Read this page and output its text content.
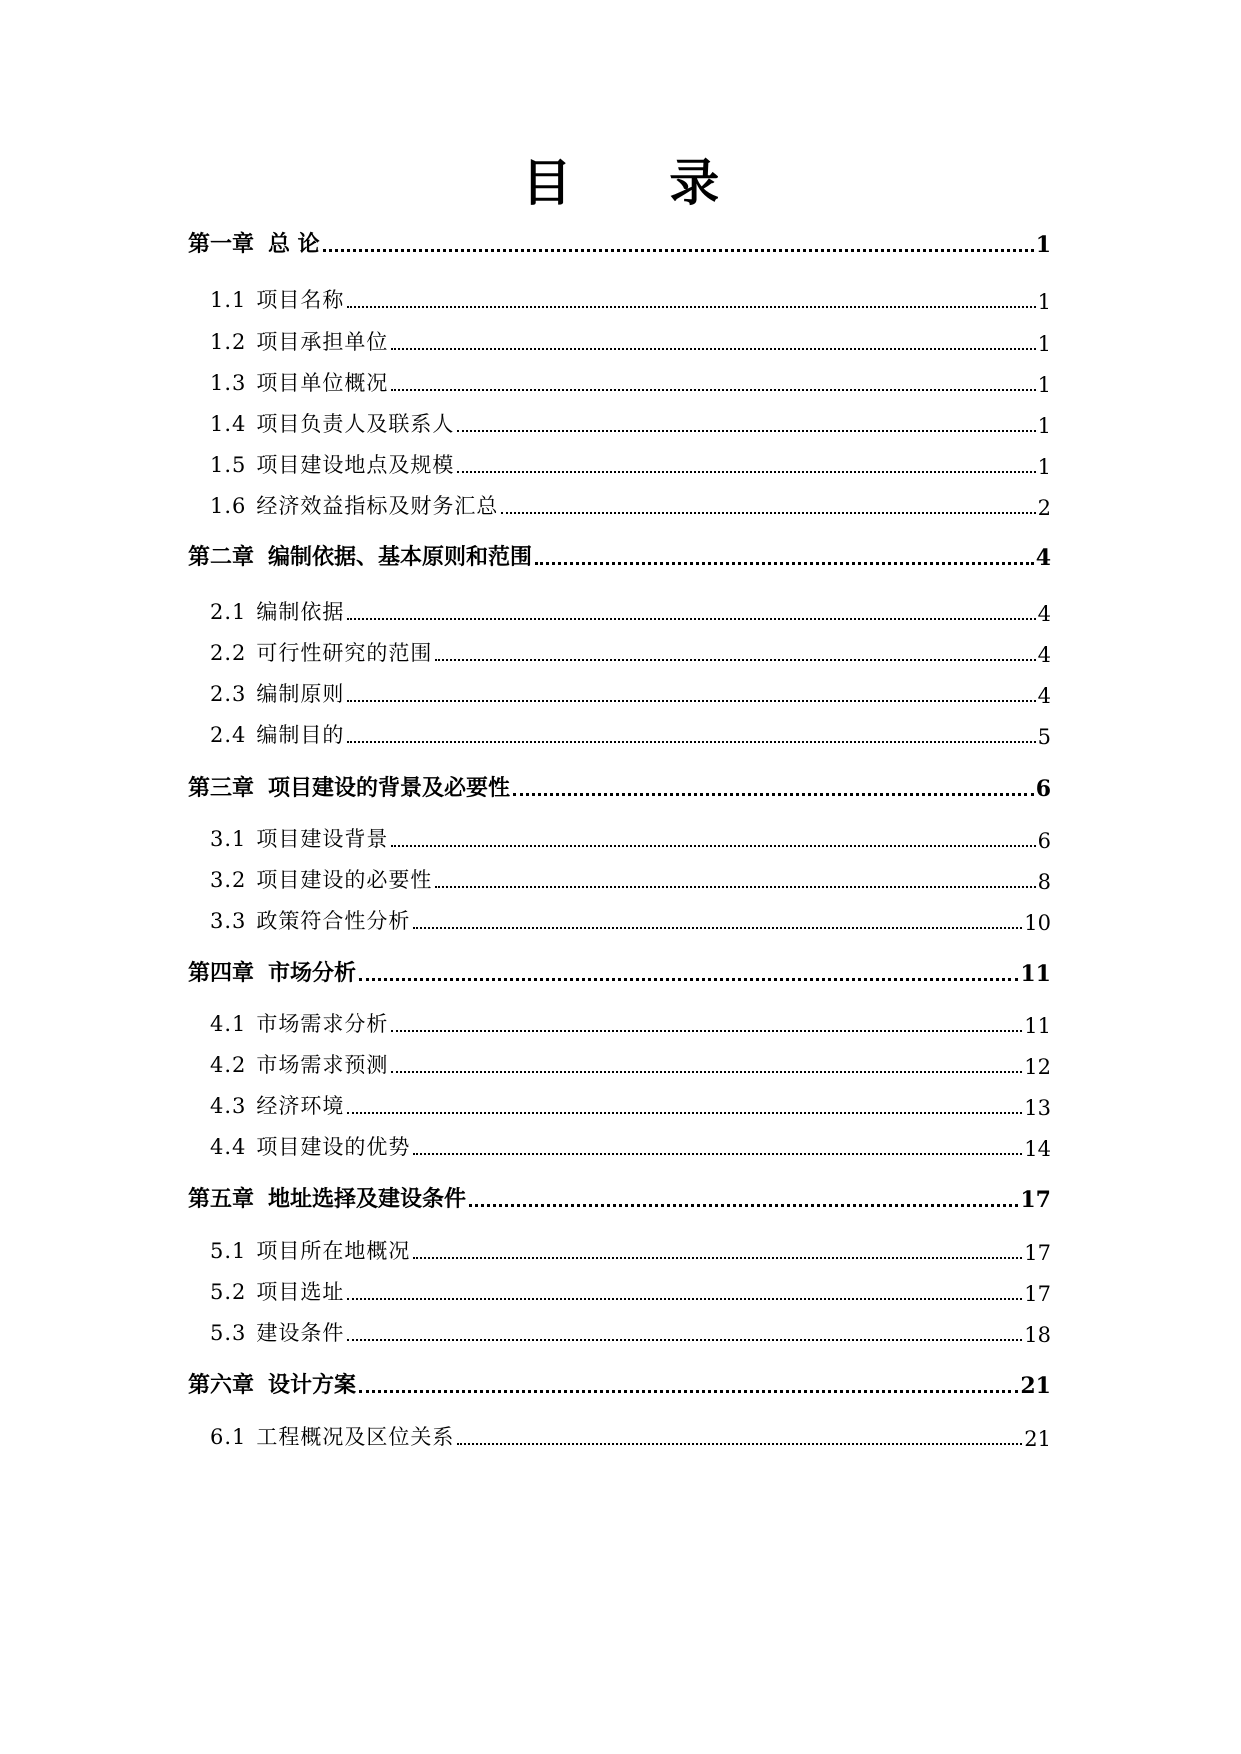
目 录
第一章 总 论	1
1.1 项目名称	1
1.2 项目承担单位	1
1.3 项目单位概况	1
1.4 项目负责人及联系人	1
1.5 项目建设地点及规模	1
1.6 经济效益指标及财务汇总	2
第二章 编制依据、基本原则和范围	4
2.1 编制依据	4
2.2 可行性研究的范围	4
2.3 编制原则	4
2.4 编制目的	5
第三章 项目建设的背景及必要性	6
3.1 项目建设背景	6
3.2 项目建设的必要性	8
3.3 政策符合性分析	10
第四章 市场分析	11
4.1 市场需求分析	11
4.2 市场需求预测	12
4.3 经济环境	13
4.4 项目建设的优势	14
第五章 地址选择及建设条件	17
5.1 项目所在地概况	17
5.2 项目选址	17
5.3 建设条件	18
第六章 设计方案	21
6.1 工程概况及区位关系	21
